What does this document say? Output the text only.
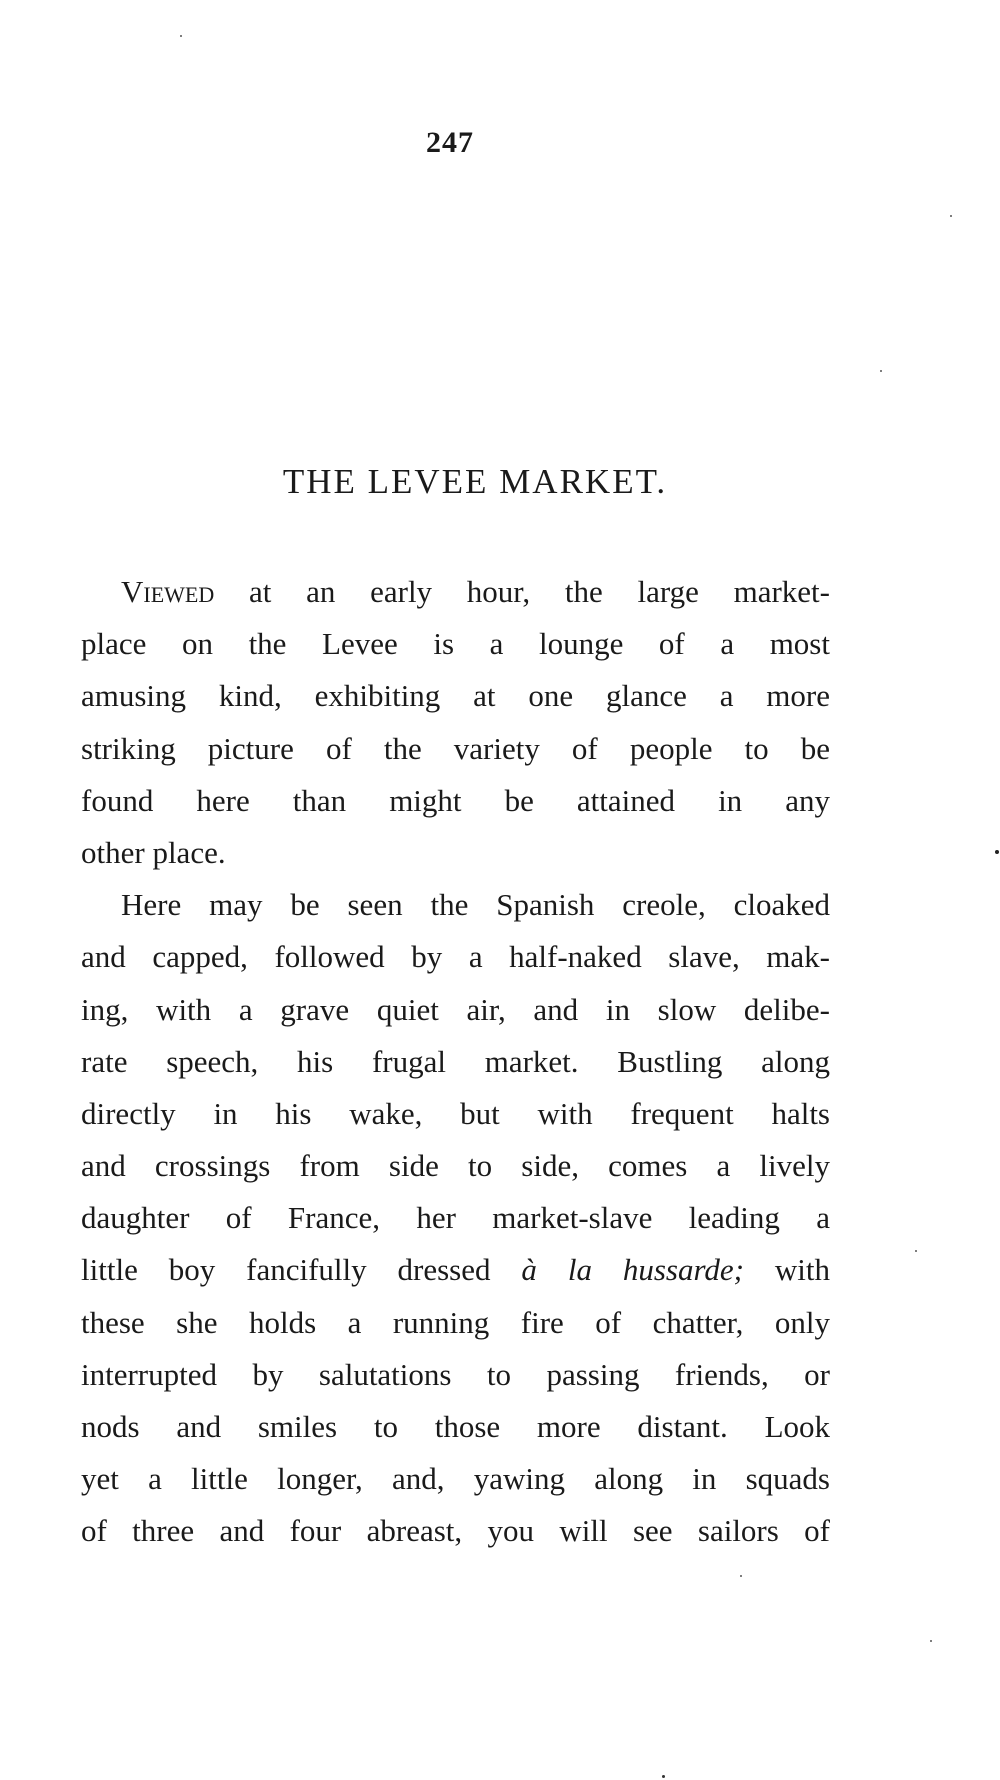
247
THE LEVEE MARKET.
Viewed at an early hour, the large market-
place on the Levee is a lounge of a most
amusing kind, exhibiting at one glance a more
striking picture of the variety of people to be
found here than might be attained in any
other place.
Here may be seen the Spanish creole, cloaked
and capped, followed by a half-naked slave, mak-
ing, with a grave quiet air, and in slow delibe-
rate speech, his frugal market. Bustling along
directly in his wake, but with frequent halts
and crossings from side to side, comes a lively
daughter of France, her market-slave leading a
little boy fancifully dressed à la hussarde; with
these she holds a running fire of chatter, only
interrupted by salutations to passing friends, or
nods and smiles to those more distant. Look
yet a little longer, and, yawing along in squads
of three and four abreast, you will see sailors of
